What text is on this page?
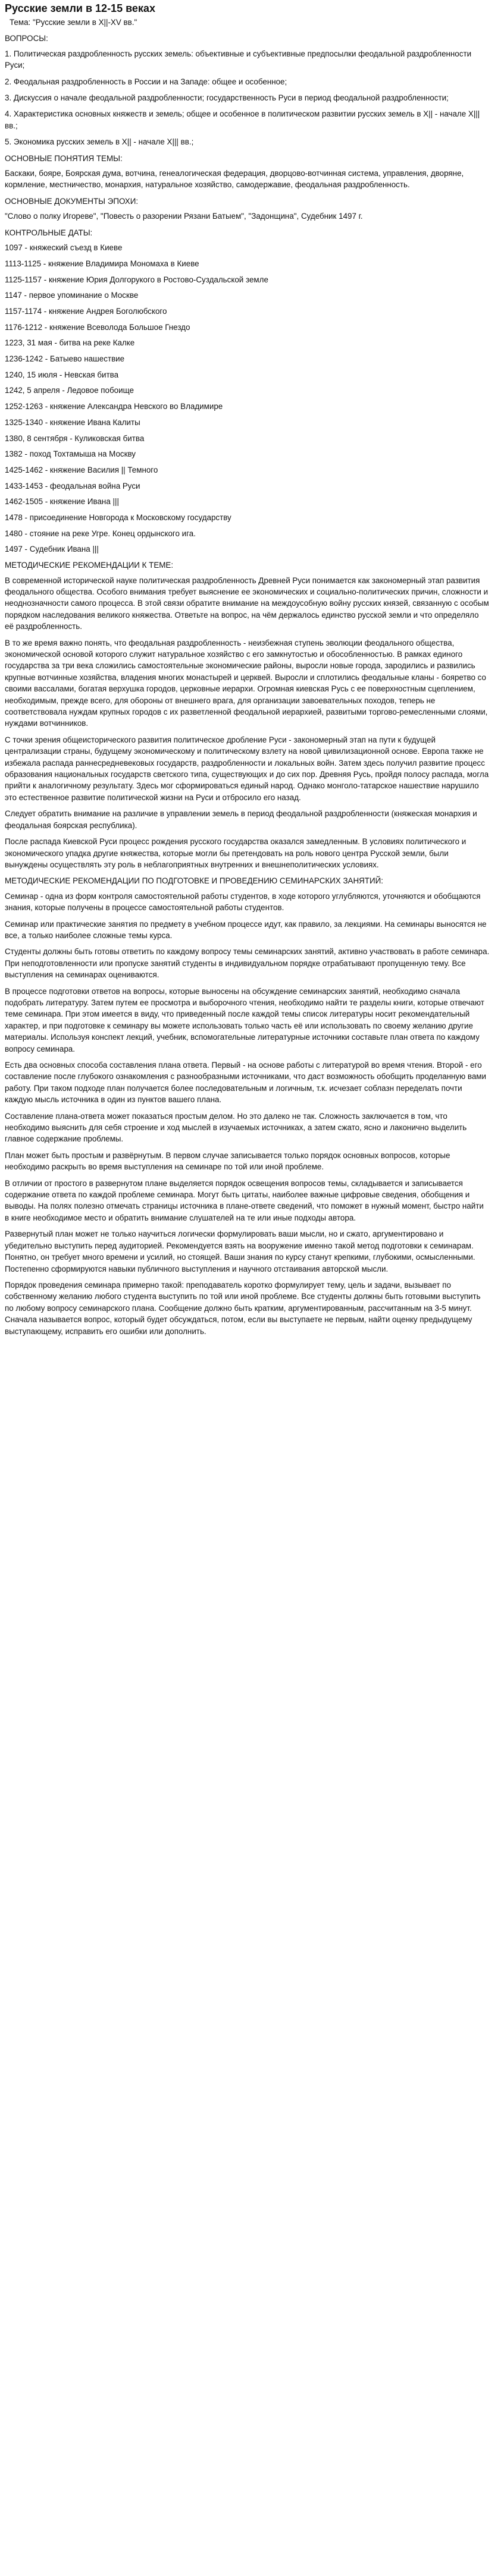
Русские земли в 12-15 веках

Тема: "Русские земли в Х||-ХV вв."

ВОПРОСЫ:

1. Политическая раздробленность русских земель: объективные и субъективные предпосылки феодальной раздробленности Руси;

2. Феодальная раздробленность в России и на Западе: общее и особенное;

3. Дискуссия о начале феодальной раздробленности; государственность Руси в период феодальной раздробленности;

4. Характеристика основных княжеств и земель; общее и особенное в политическом развитии русских земель в Х|| - начале Х||| вв.;

5. Экономика русских земель в Х|| - начале Х||| вв.;

ОСНОВНЫЕ ПОНЯТИЯ ТЕМЫ:

Баскаки, бояре, Боярская дума, вотчина, генеалогическая федерация, дворцово-вотчинная система, управления, дворяне, кормление, местничество, монархия, натуральное хозяйство, самодержавие, феодальная раздробленность.

ОСНОВНЫЕ ДОКУМЕНТЫ ЭПОХИ:

"Слово о полку Игореве", "Повесть о разорении Рязани Батыем", "Задонщина", Судебник 1497 г.

КОНТРОЛЬНЫЕ ДАТЫ:

1097 - княжеский съезд в Киеве

1113-1125 - княжение Владимира Мономаха в Киеве

1125-1157 - княжение Юрия Долгорукого в Ростово-Суздальской земле

1147 - первое упоминание о Москве

1157-1174 - княжение Андрея Боголюбского

1176-1212 - княжение Всеволода Большое Гнездо

1223, 31 мая - битва на реке Калке

1236-1242 - Батыево нашествие

1240, 15 июля - Невская битва

1242, 5 апреля - Ледовое побоище

1252-1263 - княжение Александра Невского во Владимире

1325-1340 - княжение Ивана Калиты

1380, 8 сентября - Куликовская битва

1382 - поход Тохтамыша на Москву

1425-1462 - княжение Василия || Темного

1433-1453 - феодальная война Руси

1462-1505 - княжение Ивана |||

1478 - присоединение Новгорода к Московскому государству

1480 - стояние на реке Угре. Конец ордынского ига.

1497 - Судебник Ивана |||

МЕТОДИЧЕСКИЕ РЕКОМЕНДАЦИИ К ТЕМЕ:

В современной исторической науке политическая раздробленность Древней Руси понимается как закономерный этап развития феодального общества. Особого внимания требует выяснение ее экономических и социально-политических причин, сложности и неоднозначности самого процесса. В этой связи обратите внимание на междоусобную войну русских князей, связанную с особым порядком наследования великого княжества. Ответьте на вопрос, на чём держалось единство русской земли и что определяло её раздробленность.

В то же время важно понять, что феодальная раздробленность - неизбежная ступень эволюции феодального общества, экономической основой которого служит натуральное хозяйство с его замкнутостью и обособленностью. В рамках единого государства за три века сложились самостоятельные экономические районы, выросли новые города, зародились и развились крупные вотчинные хозяйства, владения многих монастырей и церквей. Выросли и сплотились феодальные кланы - бояретво со своими вассалами, богатая верхушка городов, церковные иерархи. Огромная киевская Русь с ее поверхностным сцеплением, необходимым, прежде всего, для обороны от внешнего врага, для организации завоевательных походов, теперь не соответствовала нуждам крупных городов с их разветленной феодальной иерархией, развитыми торгово-ремесленными слоями, нуждами вотчинников.

С точки зрения общеисторического развития политическое дробление Руси - закономерный этап на пути к будущей централизации страны, будущему экономическому и политическому взлету на новой цивилизационной основе. Европа также не избежала распада раннесредневековых государств, раздробленности и локальных войн. Затем здесь получил развитие процесс образования национальных государств светского типа, существующих и до сих пор. Древняя Русь, пройдя полосу распада, могла прийти к аналогичному результату. Здесь мог сформироваться единый народ. Однако монголо-татарское нашествие нарушило это естественное развитие политической жизни на Руси и отбросило его назад.

Следует обратить внимание на различие в управлении земель в период феодальной раздробленности (княжеская монархия и феодальная боярская республика).

После распада Киевской Руси процесс рождения русского государства оказался замедленным. В условиях политического и экономического упадка другие княжества, которые могли бы претендовать на роль нового центра Русской земли, были вынуждены осуществлять эту роль в неблагоприятных внутренних и внешнеполитических условиях.

МЕТОДИЧЕСКИЕ РЕКОМЕНДАЦИИ ПО ПОДГОТОВКЕ И ПРОВЕДЕНИЮ СЕМИНАРСКИХ ЗАНЯТИЙ:

Семинар - одна из форм контроля самостоятельной работы студентов, в ходе которого углубляются, уточняются и обобщаются знания, которые получены в процессе самостоятельной работы студентов.

Семинар или практические занятия по предмету в учебном процессе идут, как правило, за лекциями. На семинары выносятся не все, а только наиболее сложные темы курса.

Студенты должны быть готовы ответить по каждому вопросу темы семинарских занятий, активно участвовать в работе семинара. При неподготовленности или пропуске занятий студенты в индивидуальном порядке отрабатывают пропущенную тему. Все выступления на семинарах оцениваются.

В процессе подготовки ответов на вопросы, которые выносены на обсуждение семинарских занятий, необходимо сначала подобрать литературу. Затем путем ее просмотра и выборочного чтения, необходимо найти те разделы книги, которые отвечают теме семинара. При этом имеется в виду, что приведенный после каждой темы список литературы носит рекомендательный характер, и при подготовке к семинару вы можете использовать только часть её или использовать по своему желанию другие материалы. Используя конспект лекций, учебник, вспомогательные литературные источники составьте план ответа по каждому вопросу семинара.

Есть два основных способа составления плана ответа. Первый - на основе работы с литературой во время чтения. Второй - его составление после глубокого ознакомления с разнообразными источниками, что даст возможность обобщить проделанную вами работу. При таком подходе план получается более последовательным и логичным, т.к. исчезает соблазн переделать почти каждую мысль источника в один из пунктов вашего плана.

Составление плана-ответа может показаться простым делом. Но это далеко не так. Сложность заключается в том, что необходимо выяснить для себя строение и ход мыслей в изучаемых источниках, а затем сжато, ясно и лаконично выделить главное содержание проблемы.

План может быть простым и развёрнутым. В первом случае записывается только порядок основных вопросов, которые необходимо раскрыть во время выступления на семинаре по той или иной проблеме.

В отличии от простого в развернутом плане выделяется порядок освещения вопросов темы, складывается и записывается содержание ответа по каждой проблеме семинара. Могут быть цитаты, наиболее важные цифровые сведения, обобщения и выводы. На полях полезно отмечать страницы источника в плане-ответе сведений, что поможет в нужный момент, быстро найти в книге необходимое место и обратить внимание слушателей на те или иные подходы автора.

Развернутый план может не только научиться логически формулировать ваши мысли, но и сжато, аргументировано и убедительно выступить перед аудиторией. Рекомендуется взять на вооружение именно такой метод подготовки к семинарам. Понятно, он требует много времени и усилий, но стоящей. Ваши знания по курсу станут крепкими, глубокими, осмысленными. Постепенно сформируются навыки публичного выступления и научного отстаивания авторской мысли.

Порядок проведения семинара примерно такой: преподаватель коротко формулирует тему, цель и задачи, вызывает по собственному желанию любого студента выступить по той или иной проблеме. Все студенты должны быть готовыми выступить по любому вопросу семинарского плана. Сообщение должно быть кратким, аргументированным, рассчитанным на 3-5 минут. Сначала называется вопрос, который будет обсуждаться, потом, если вы выступаете не первым, найти оценку предыдущему выступающему, исправить его ошибки или дополнить.
